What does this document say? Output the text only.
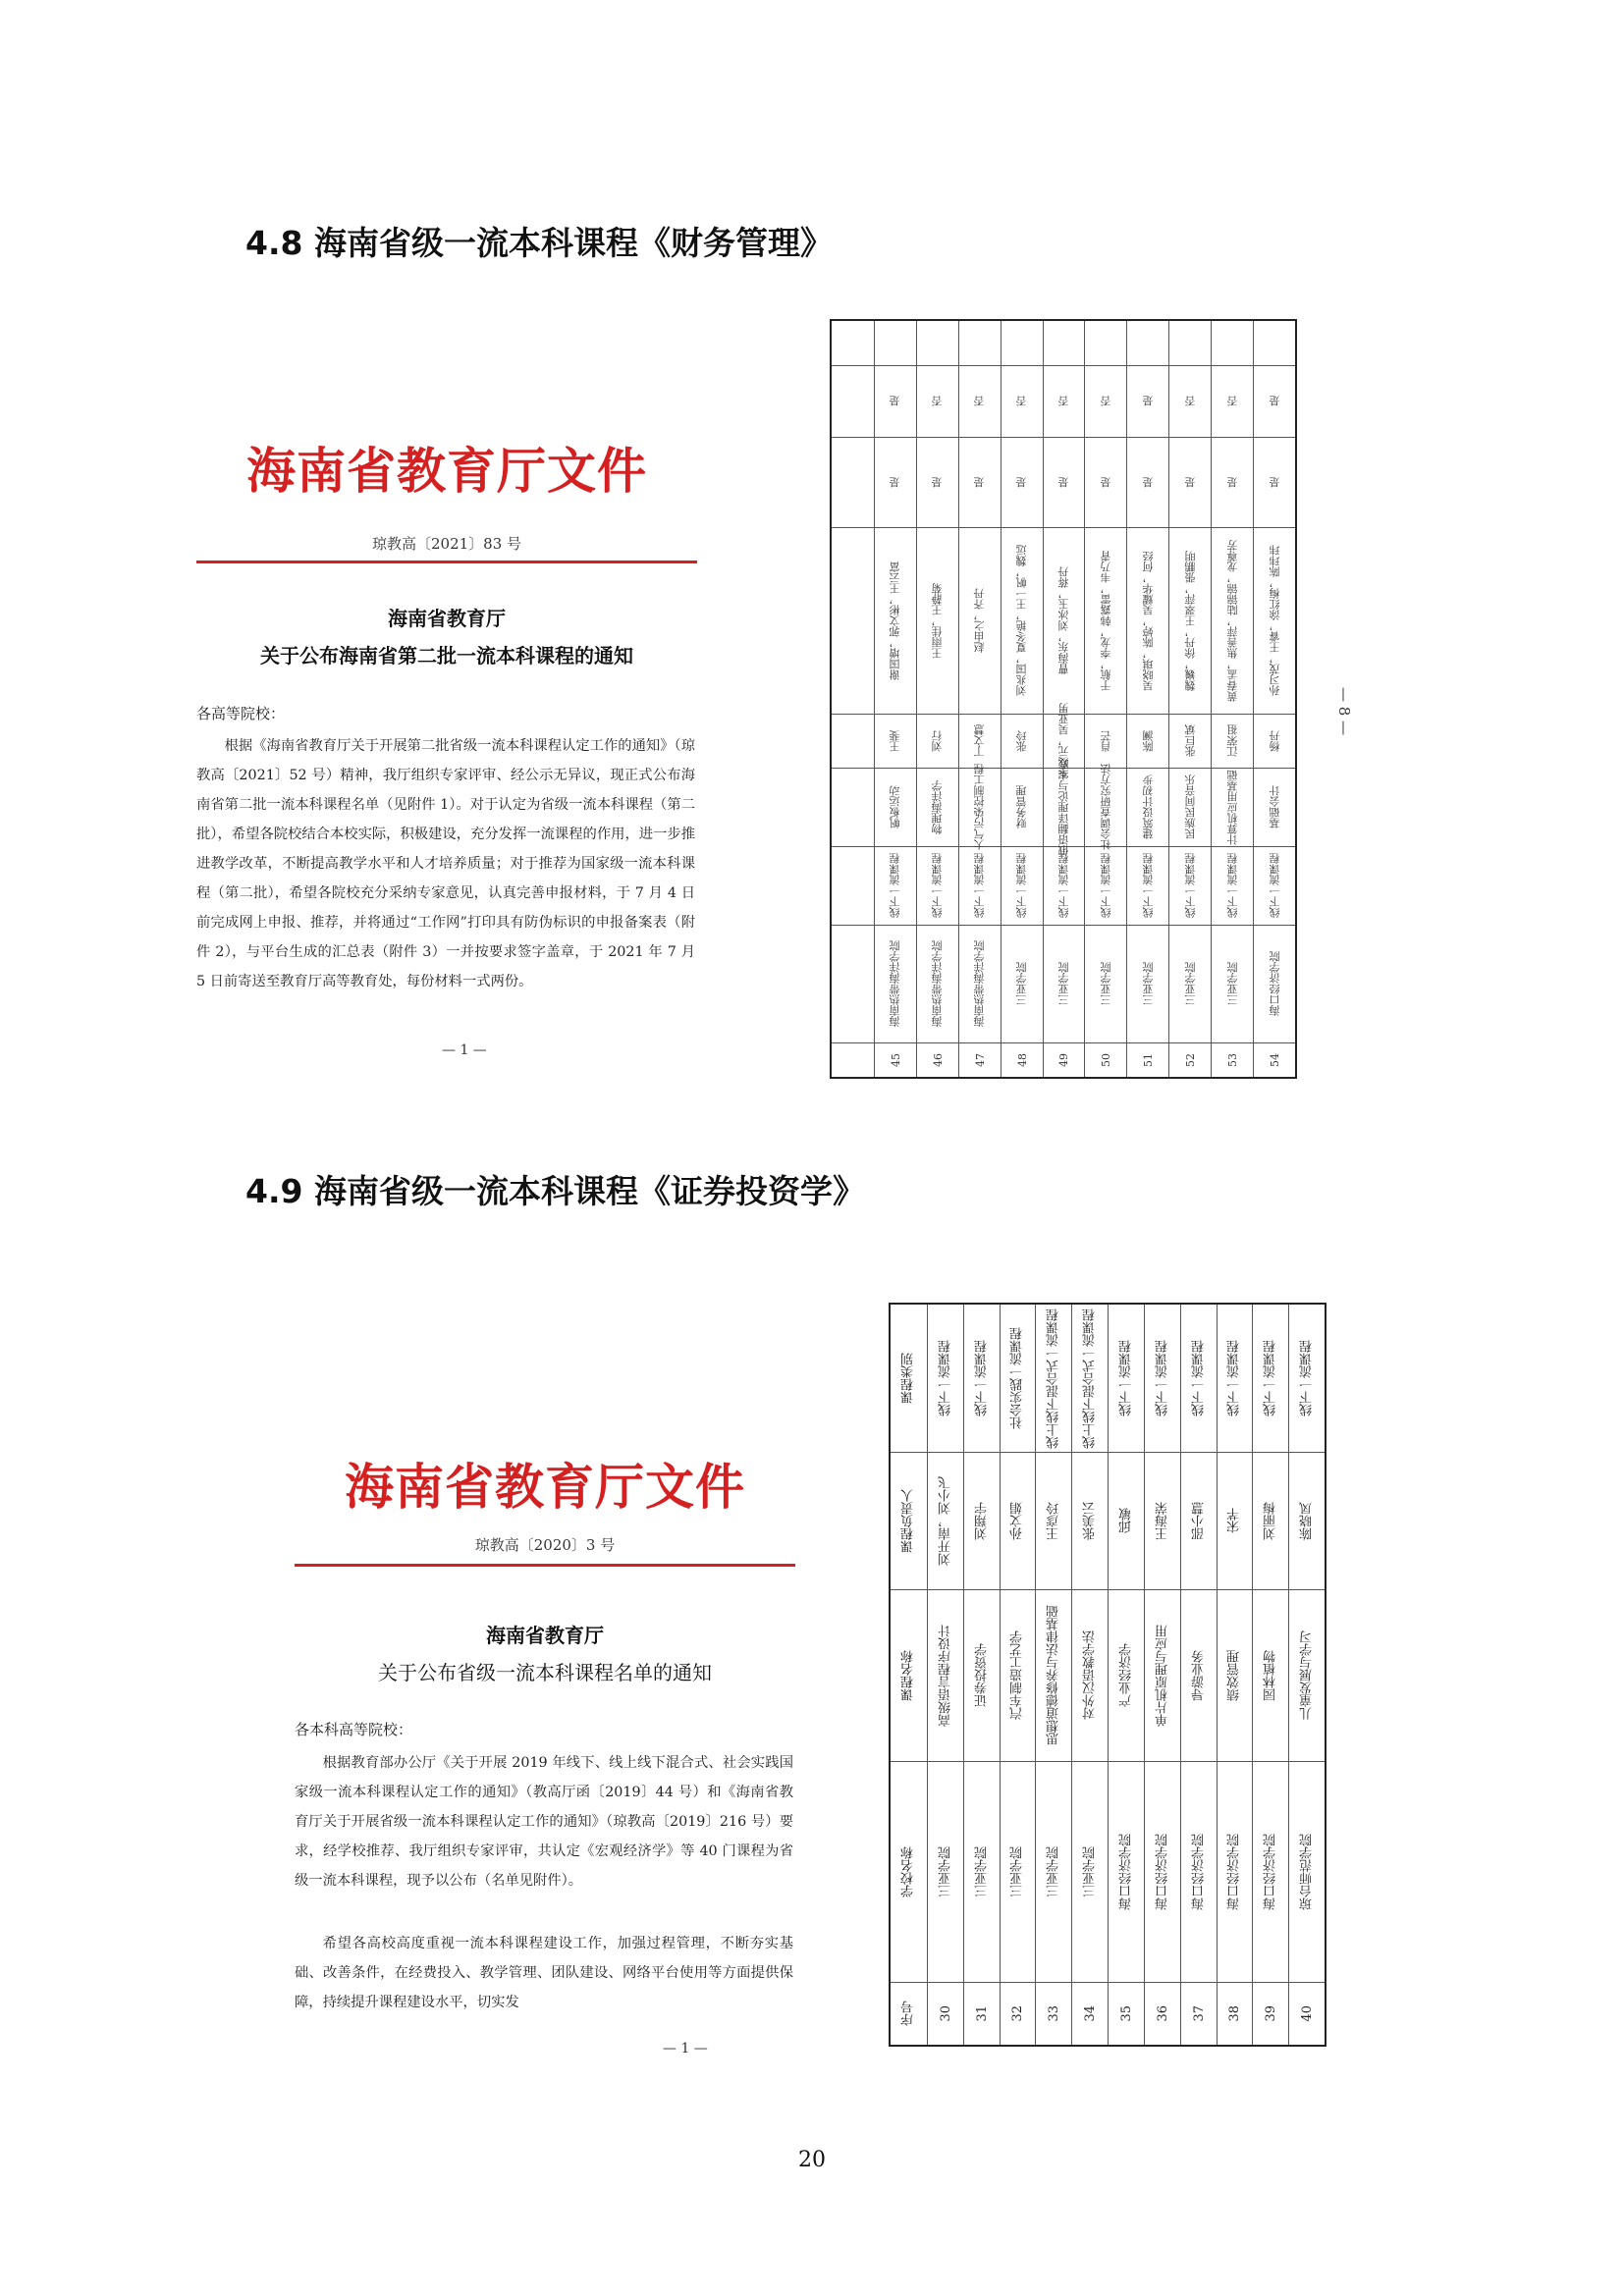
4.8 海南省级一流本科课程《财务管理》
海南省教育厅文件
琼教高〔2021〕83 号
海南省教育厅
关于公布海南省第二批一流本科课程的通知
各高等院校：

根据《海南省教育厅关于开展第二批省级一流本科课程认定工作的通知》（琼教高〔2021〕52 号）精神，我厅组织专家评审、经公示无异议，现正式公布海南省第二批一流本科课程名单（见附件 1）。对于认定为省级一流本科课程（第二批），希望各院校结合本校实际，积极建设，充分发挥一流课程的作用，进一步推进教学改革，不断提高教学水平和人才培养质量；对于推荐为国家级一流本科课程（第二批），希望各院校充分采纳专家意见，认真完善申报材料，于 7 月 4 日前完成网上申报、推荐，并将通过“工作网”打印具有防伪标识的申报备案表（附件 2），与平台生成的汇总表（附件 3）一并按要求签字盖章，于 2021 年 7 月 5 日前寄送至教育厅高等教育处，每份材料一式两份。

— 1 —
是
是
谢国增，郭文彬，王云富
王斐
帆板运动
线下一流课程
海南热带海洋学院
45
否
是
王雨佳，王静菊
刘行
物理海洋学
线下一流课程
海南热带海洋学院
46
否
是
赵由之，齐丹
丁文慧
大气污染控制工程
线下一流课程
海南热带海洋学院
47
否
是
刘兆国，夏冬艳，王一帆，魏远
张玲
财务管理
线下一流课程
三亚学院
48
否
是
曹海东，刘冰玉，蒋丹
李发元，吴亚男
俄语翻译理论与实践
线下一流课程
三亚学院
49
否
是
于航，李龙，韩露雷，韦乃青
肖芒
社会调查研究方法
线下一流课程
三亚学院
50
是
是
吴晓琪，陈婷，吴耀华，何经
陈澜
建筑设计初步
线下一流课程
三亚学院
51
否
是
魏巍，徐丹，王翠萍，張鹏明
张巨斌
民族民间音乐
线下一流课程
三亚学院
52
否
是
黄春孟，焦善萍，陆锦锦，龙尊芳
江荣祖
计算机应用基础
线下一流课程
三亚学院
53
是
是
孙习茂，王睿，涂红梅，陈玮玮
杨丹
基础会计
线下一流课程
海口经济学院
54
— 8 —
4.9 海南省级一流本科课程《证券投资学》
海南省教育厅文件
琼教高〔2020〕3 号
海南省教育厅
关于公布省级一流本科课程名单的通知
各本科高等院校：

根据教育部办公厅《关于开展 2019 年线下、线上线下混合式、社会实践国家级一流本科课程认定工作的通知》（教高厅函〔2019〕44 号）和《海南省教育厅关于开展省级一流本科课程认定工作的通知》（琼教高〔2019〕216 号）要求，经学校推荐、我厅组织专家评审，共认定《宏观经济学》等 40 门课程为省级一流本科课程，现予以公布（名单见附件）。

希望各高校高度重视一流本科课程建设工作，加强过程管理，不断夯实基础、改善条件，在经费投入、教学管理、团队建设、网络平台使用等方面提供保障，持续提升课程建设水平，切实发

— 1 —
课程类别
课程负责人
课程名称
学校名称
序号
线下一流课程
刘开南，刘小飞
高级语言程序设计
三亚学院
30
线下一流课程
刘翔宇
证券投资学
三亚学院
31
社会实践一流课程
孙文娟
汽车制造工艺学
三亚学院
32
线上线下混合式一流课程
王彦玲
思想道德修养与法律基础
三亚学院
33
线上线下混合式一流课程
张美云
对外汉语教学法
三亚学院
34
线下一流课程
邱敏
产业经济学
海口经济学院
35
线下一流课程
王海荣
单片机原理与应用
海口经济学院
36
线下一流课程
邵小慧
导游业务
海口经济学院
37
线下一流课程
宋芊
绩效管理
海口经济学院
38
线下一流课程
刘丽梅
园林植物
海口经济学院
39
线下一流课程
陈晓凤
儿童发展与学习
琼台师范学院
40
20
